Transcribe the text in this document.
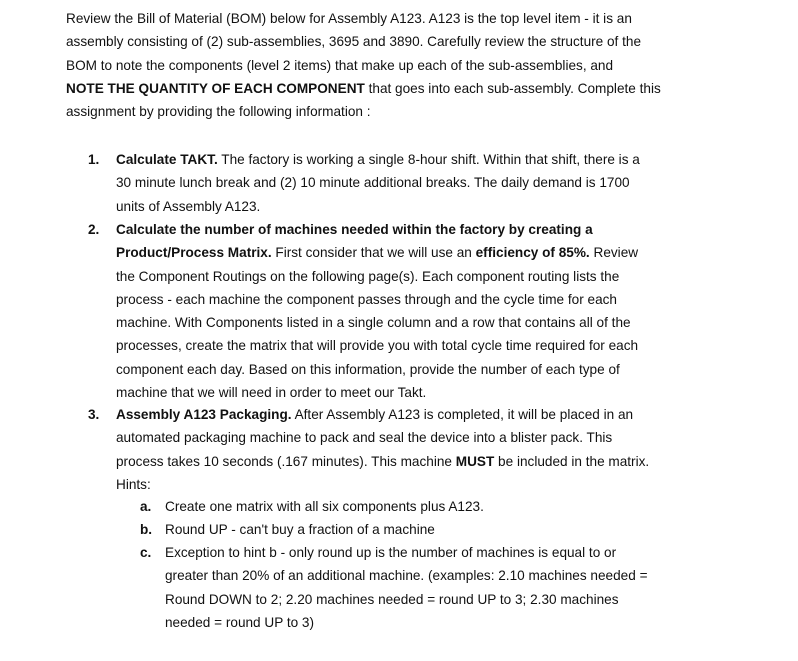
Review the Bill of Material (BOM) below for Assembly A123. A123 is the top level item - it is an
assembly consisting of (2) sub-assemblies, 3695 and 3890. Carefully review the structure of the
BOM to note the components (level 2 items) that make up each of the sub-assemblies, and
NOTE THE QUANTITY OF EACH COMPONENT that goes into each sub-assembly. Complete this
assignment by providing the following information :
1. Calculate TAKT. The factory is working a single 8-hour shift. Within that shift, there is a
30 minute lunch break and (2) 10 minute additional breaks. The daily demand is 1700
units of Assembly A123.
2. Calculate the number of machines needed within the factory by creating a
Product/Process Matrix. First consider that we will use an efficiency of 85%. Review
the Component Routings on the following page(s). Each component routing lists the
process - each machine the component passes through and the cycle time for each
machine. With Components listed in a single column and a row that contains all of the
processes, create the matrix that will provide you with total cycle time required for each
component each day. Based on this information, provide the number of each type of
machine that we will need in order to meet our Takt.
3. Assembly A123 Packaging. After Assembly A123 is completed, it will be placed in an
automated packaging machine to pack and seal the device into a blister pack. This
process takes 10 seconds (.167 minutes). This machine MUST be included in the matrix.
Hints:
a. Create one matrix with all six components plus A123.
b. Round UP - can't buy a fraction of a machine
c. Exception to hint b - only round up is the number of machines is equal to or
greater than 20% of an additional machine. (examples: 2.10 machines needed =
Round DOWN to 2; 2.20 machines needed = round UP to 3; 2.30 machines
needed = round UP to 3)
